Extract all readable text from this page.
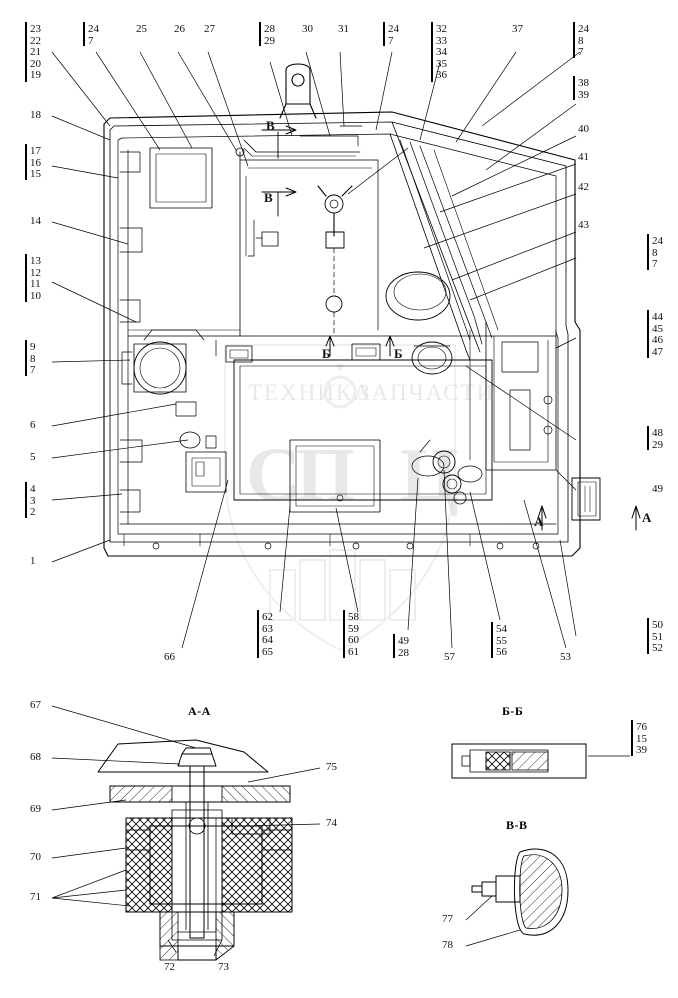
ТЕХНИКА
ЗАПЧАСТИ
С
П Ц
23
22
21
20
19
18
17
16
15
14
13
12
11
10
9
8
7
6
5
4
3
2
1
24
7
25 26 27	28
29
30 31	24
7
32
33
34
35
36
37	24
8
7
38
39
40
41
42
43
24
8
7
44
45
46
47
48
29
49
50
51
52
66
62
63
64
65
58
59
60
61
49
28	57
54
55
56	53
А-А	Б-Б
В-В
В
В
Б	Б
А	А
67
68
69
70
71
72	73
74
75
76
15
39
77
78
